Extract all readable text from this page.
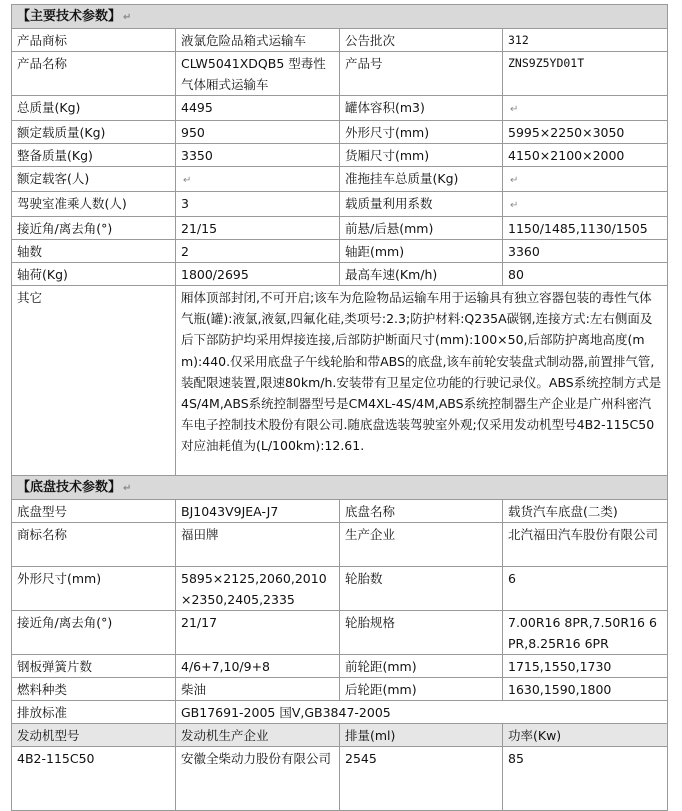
【主要技术参数】 ↵			
产品商标	液氯危险品箱式运输车	公告批次	312
产品名称	CLW5041XDQB5 型毒性气体厢式运输车	产品号	ZNS9Z5YD01T
总质量(Kg)	4495	罐体容积(m3)	↵
额定载质量(Kg)	950	外形尺寸(mm)	5995×2250×3050
整备质量(Kg)	3350	货厢尺寸(mm)	4150×2100×2000
额定载客(人)	↵	准拖挂车总质量(Kg)	↵
驾驶室准乘人数(人)	3	载质量利用系数	↵
接近角/离去角(°)	21/15	前悬/后悬(mm)	1150/1485,1130/1505
轴数	2	轴距(mm)	3360
轴荷(Kg)	1800/2695	最高车速(Km/h)	80
其它	厢体顶部封闭,不可开启;该车为危险物品运输车用于运输具有独立容器包装的毒性气体气瓶(罐):液氯,液氨,四氟化硅,类项号:2.3;防护材料:Q235A碳钢,连接方式:左右侧面及后下部防护均采用焊接连接,后部防护断面尺寸(mm):100×50,后部防护离地高度(mm):440.仅采用底盘子午线轮胎和带ABS的底盘,该车前轮安装盘式制动器,前置排气管,装配限速装置,限速80km/h.安装带有卫星定位功能的行驶记录仪。ABS系统控制方式是4S/4M,ABS系统控制器型号是CM4XL-4S/4M,ABS系统控制器生产企业是广州科密汽车电子控制技术股份有限公司.随底盘选装驾驶室外观;仅采用发动机型号4B2-115C50对应油耗值为(L/100km):12.61.		
【底盘技术参数】 ↵			
底盘型号	BJ1043V9JEA-J7	底盘名称	载货汽车底盘(二类)
商标名称	福田牌	生产企业	北汽福田汽车股份有限公司
外形尺寸(mm)	5895×2125,2060,2010×2350,2405,2335	轮胎数	6
接近角/离去角(°)	21/17	轮胎规格	7.00R16 8PR,7.50R16 6PR,8.25R16 6PR
钢板弹簧片数	4/6+7,10/9+8	前轮距(mm)	1715,1550,1730
燃料种类	柴油	后轮距(mm)	1630,1590,1800
排放标准	GB17691-2005 国Ⅴ,GB3847-2005		
发动机型号	发动机生产企业	排量(ml)	功率(Kw)
4B2-115C50	安徽全柴动力股份有限公司	2545	85
